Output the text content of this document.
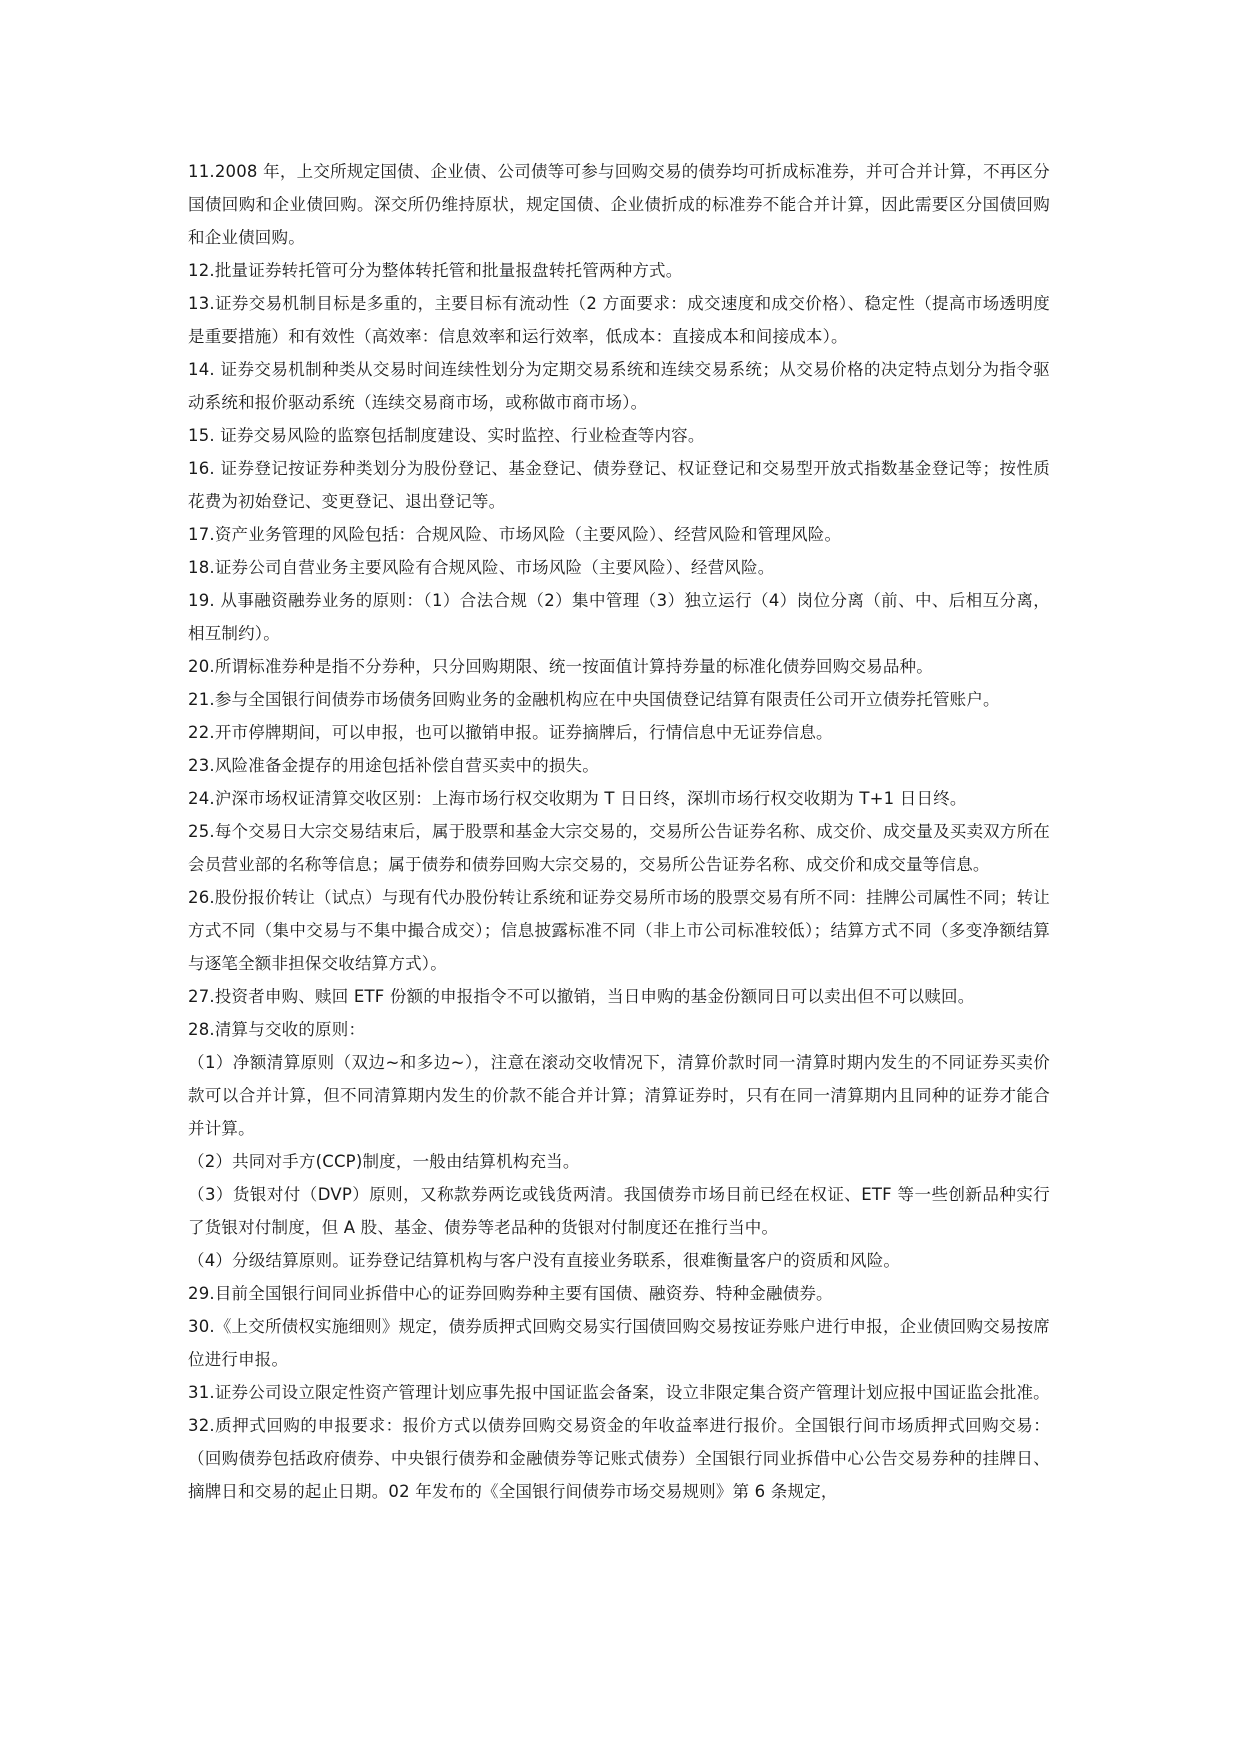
11.2008 年，上交所规定国债、企业债、公司债等可参与回购交易的债券均可折成标准券，并可合并计算，不再区分国债回购和企业债回购。深交所仍维持原状，规定国债、企业债折成的标准券不能合并计算，因此需要区分国债回购和企业债回购。

12.批量证券转托管可分为整体转托管和批量报盘转托管两种方式。

13.证券交易机制目标是多重的，主要目标有流动性（2 方面要求：成交速度和成交价格）、稳定性（提高市场透明度是重要措施）和有效性（高效率：信息效率和运行效率，低成本：直接成本和间接成本）。

14. 证券交易机制种类从交易时间连续性划分为定期交易系统和连续交易系统；从交易价格的决定特点划分为指令驱动系统和报价驱动系统（连续交易商市场，或称做市商市场）。

15. 证券交易风险的监察包括制度建设、实时监控、行业检查等内容。

16. 证券登记按证券种类划分为股份登记、基金登记、债券登记、权证登记和交易型开放式指数基金登记等；按性质花费为初始登记、变更登记、退出登记等。

17.资产业务管理的风险包括：合规风险、市场风险（主要风险）、经营风险和管理风险。

18.证券公司自营业务主要风险有合规风险、市场风险（主要风险）、经营风险。

19. 从事融资融券业务的原则：（1）合法合规（2）集中管理（3）独立运行（4）岗位分离（前、中、后相互分离，相互制约）。

20.所谓标准券种是指不分券种，只分回购期限、统一按面值计算持券量的标准化债券回购交易品种。

21.参与全国银行间债券市场债务回购业务的金融机构应在中央国债登记结算有限责任公司开立债券托管账户。

22.开市停牌期间，可以申报，也可以撤销申报。证券摘牌后，行情信息中无证券信息。

23.风险准备金提存的用途包括补偿自营买卖中的损失。

24.沪深市场权证清算交收区别：上海市场行权交收期为 T 日日终，深圳市场行权交收期为 T+1 日日终。

25.每个交易日大宗交易结束后，属于股票和基金大宗交易的，交易所公告证券名称、成交价、成交量及买卖双方所在会员营业部的名称等信息；属于债券和债券回购大宗交易的，交易所公告证券名称、成交价和成交量等信息。

26.股份报价转让（试点）与现有代办股份转让系统和证券交易所市场的股票交易有所不同：挂牌公司属性不同；转让方式不同（集中交易与不集中撮合成交）；信息披露标准不同（非上市公司标准较低）；结算方式不同（多变净额结算与逐笔全额非担保交收结算方式）。

27.投资者申购、赎回 ETF 份额的申报指令不可以撤销，当日申购的基金份额同日可以卖出但不可以赎回。

28.清算与交收的原则：

（1）净额清算原则（双边~和多边~），注意在滚动交收情况下，清算价款时同一清算时期内发生的不同证券买卖价款可以合并计算，但不同清算期内发生的价款不能合并计算；清算证券时，只有在同一清算期内且同种的证券才能合并计算。

（2）共同对手方(CCP)制度，一般由结算机构充当。

（3）货银对付（DVP）原则，又称款券两讫或钱货两清。我国债券市场目前已经在权证、ETF 等一些创新品种实行了货银对付制度，但 A 股、基金、债券等老品种的货银对付制度还在推行当中。

（4）分级结算原则。证券登记结算机构与客户没有直接业务联系，很难衡量客户的资质和风险。

29.目前全国银行间同业拆借中心的证券回购券种主要有国债、融资券、特种金融债券。

30.《上交所债权实施细则》规定，债券质押式回购交易实行国债回购交易按证券账户进行申报，企业债回购交易按席位进行申报。

31.证券公司设立限定性资产管理计划应事先报中国证监会备案，设立非限定集合资产管理计划应报中国证监会批准。

32.质押式回购的申报要求：报价方式以债券回购交易资金的年收益率进行报价。全国银行间市场质押式回购交易：（回购债券包括政府债券、中央银行债券和金融债券等记账式债券）全国银行同业拆借中心公告交易券种的挂牌日、摘牌日和交易的起止日期。02 年发布的《全国银行间债券市场交易规则》第 6 条规定，
